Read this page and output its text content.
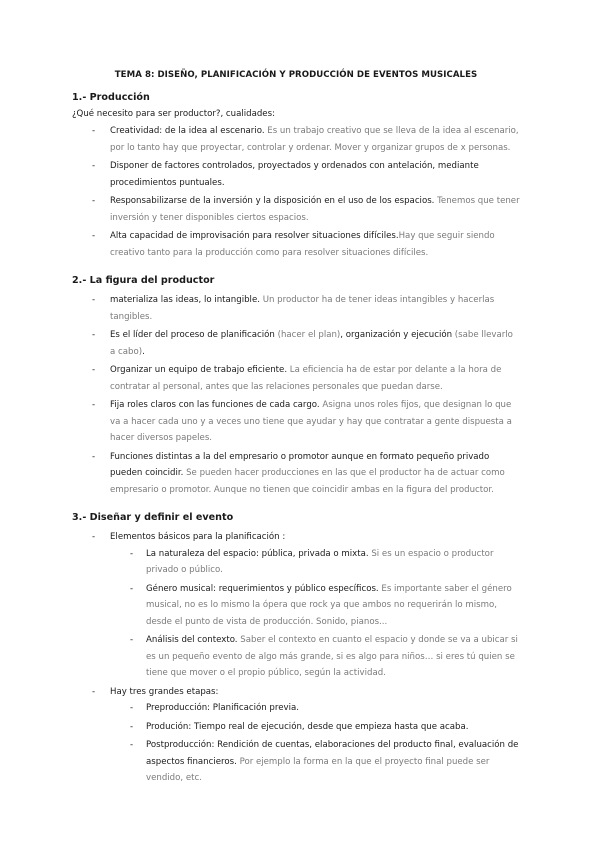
TEMA 8: DISEÑO, PLANIFICACIÓN Y PRODUCCIÓN DE EVENTOS MUSICALES
1.- Producción
¿Qué necesito para ser productor?, cualidades:
- Creatividad: de la idea al escenario. Es un trabajo creativo que se lleva de la idea al escenario, por lo tanto hay que proyectar, controlar y ordenar. Mover y organizar grupos de x personas.
- Disponer de factores controlados, proyectados y ordenados con antelación, mediante procedimientos puntuales.
- Responsabilizarse de la inversión y la disposición en el uso de los espacios. Tenemos que tener inversión y tener disponibles ciertos espacios.
- Alta capacidad de improvisación para resolver situaciones difíciles.Hay que seguir siendo creativo tanto para la producción como para resolver situaciones difíciles.
2.- La figura del productor
- materializa las ideas, lo intangible. Un productor ha de tener ideas intangibles y hacerlas tangibles.
- Es el líder del proceso de planificación (hacer el plan), organización y ejecución (sabe llevarlo a cabo).
- Organizar un equipo de trabajo eficiente. La eficiencia ha de estar por delante a la hora de contratar al personal, antes que las relaciones personales que puedan darse.
- Fija roles claros con las funciones de cada cargo. Asigna unos roles fijos, que designan lo que va a hacer cada uno y a veces uno tiene que ayudar y hay que contratar a gente dispuesta a hacer diversos papeles.
- Funciones distintas a la del empresario o promotor aunque en formato pequeño privado pueden coincidir. Se pueden hacer producciones en las que el productor ha de actuar como empresario o promotor. Aunque no tienen que coincidir ambas en la figura del productor.
3.- Diseñar y definir el evento
- Elementos básicos para la planificación :
- La naturaleza del espacio: pública, privada o mixta. Si es un espacio o productor privado o público.
- Género musical: requerimientos y público específicos. Es importante saber el género musical, no es lo mismo la ópera que rock ya que ambos no requerirán lo mismo, desde el punto de vista de producción. Sonido, pianos...
- Análisis del contexto. Saber el contexto en cuanto el espacio y donde se va a ubicar si es un pequeño evento de algo más grande, si es algo para niños… si eres tú quien se tiene que mover o el propio público, según la actividad.
- Hay tres grandes etapas:
- Preproducción: Planificación previa.
- Produción: Tiempo real de ejecución, desde que empieza hasta que acaba.
- Postproducción: Rendición de cuentas, elaboraciones del producto final, evaluación de aspectos financieros. Por ejemplo la forma en la que el proyecto final puede ser vendido, etc.
